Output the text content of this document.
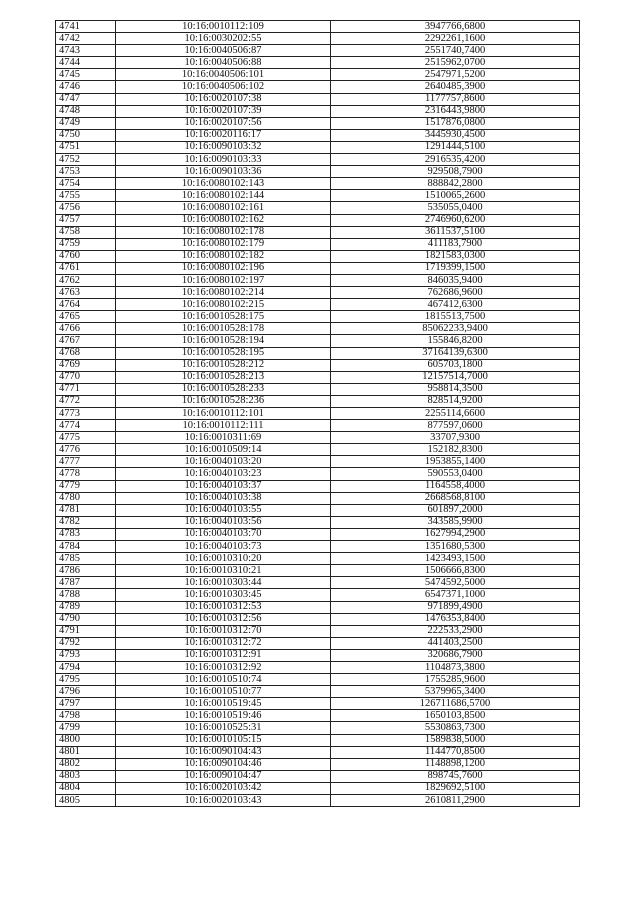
4741	10:16:0010112:109	3947766,6800
4742	10:16:0030202:55	2292261,1600
4743	10:16:0040506:87	2551740,7400
4744	10:16:0040506:88	2515962,0700
4745	10:16:0040506:101	2547971,5200
4746	10:16:0040506:102	2640485,3900
4747	10:16:0020107:38	1177757,8600
4748	10:16:0020107:39	2316443,9800
4749	10:16:0020107:56	1517876,0800
4750	10:16:0020116:17	3445930,4500
4751	10:16:0090103:32	1291444,5100
4752	10:16:0090103:33	2916535,4200
4753	10:16:0090103:36	929508,7900
4754	10:16:0080102:143	888842,2800
4755	10:16:0080102:144	1510065,2600
4756	10:16:0080102:161	535055,0400
4757	10:16:0080102:162	2746960,6200
4758	10:16:0080102:178	3611537,5100
4759	10:16:0080102:179	411183,7900
4760	10:16:0080102:182	1821583,0300
4761	10:16:0080102:196	1719399,1500
4762	10:16:0080102:197	846035,9400
4763	10:16:0080102:214	762686,9600
4764	10:16:0080102:215	467412,6300
4765	10:16:0010528:175	1815513,7500
4766	10:16:0010528:178	85062233,9400
4767	10:16:0010528:194	155846,8200
4768	10:16:0010528:195	37164139,6300
4769	10:16:0010528:212	605703,1800
4770	10:16:0010528:213	12157514,7000
4771	10:16:0010528:233	958814,3500
4772	10:16:0010528:236	828514,9200
4773	10:16:0010112:101	2255114,6600
4774	10:16:0010112:111	877597,0600
4775	10:16:0010311:69	33707,9300
4776	10:16:0010509:14	152182,8300
4777	10:16:0040103:20	1953855,1400
4778	10:16:0040103:23	590553,0400
4779	10:16:0040103:37	1164558,4000
4780	10:16:0040103:38	2668568,8100
4781	10:16:0040103:55	601897,2000
4782	10:16:0040103:56	343585,9900
4783	10:16:0040103:70	1627994,2900
4784	10:16:0040103:73	1351680,5300
4785	10:16:0010310:20	1423493,1500
4786	10:16:0010310:21	1506666,8300
4787	10:16:0010303:44	5474592,5000
4788	10:16:0010303:45	6547371,1000
4789	10:16:0010312:53	971899,4900
4790	10:16:0010312:56	1476353,8400
4791	10:16:0010312:70	222533,2900
4792	10:16:0010312:72	441403,2500
4793	10:16:0010312:91	320686,7900
4794	10:16:0010312:92	1104873,3800
4795	10:16:0010510:74	1755285,9600
4796	10:16:0010510:77	5379965,3400
4797	10:16:0010519:45	126711686,5700
4798	10:16:0010519:46	1650103,8500
4799	10:16:0010525:31	5530863,7300
4800	10:16:0010105:15	1589838,5000
4801	10:16:0090104:43	1144770,8500
4802	10:16:0090104:46	1148898,1200
4803	10:16:0090104:47	898745,7600
4804	10:16:0020103:42	1829692,5100
4805	10:16:0020103:43	2610811,2900
